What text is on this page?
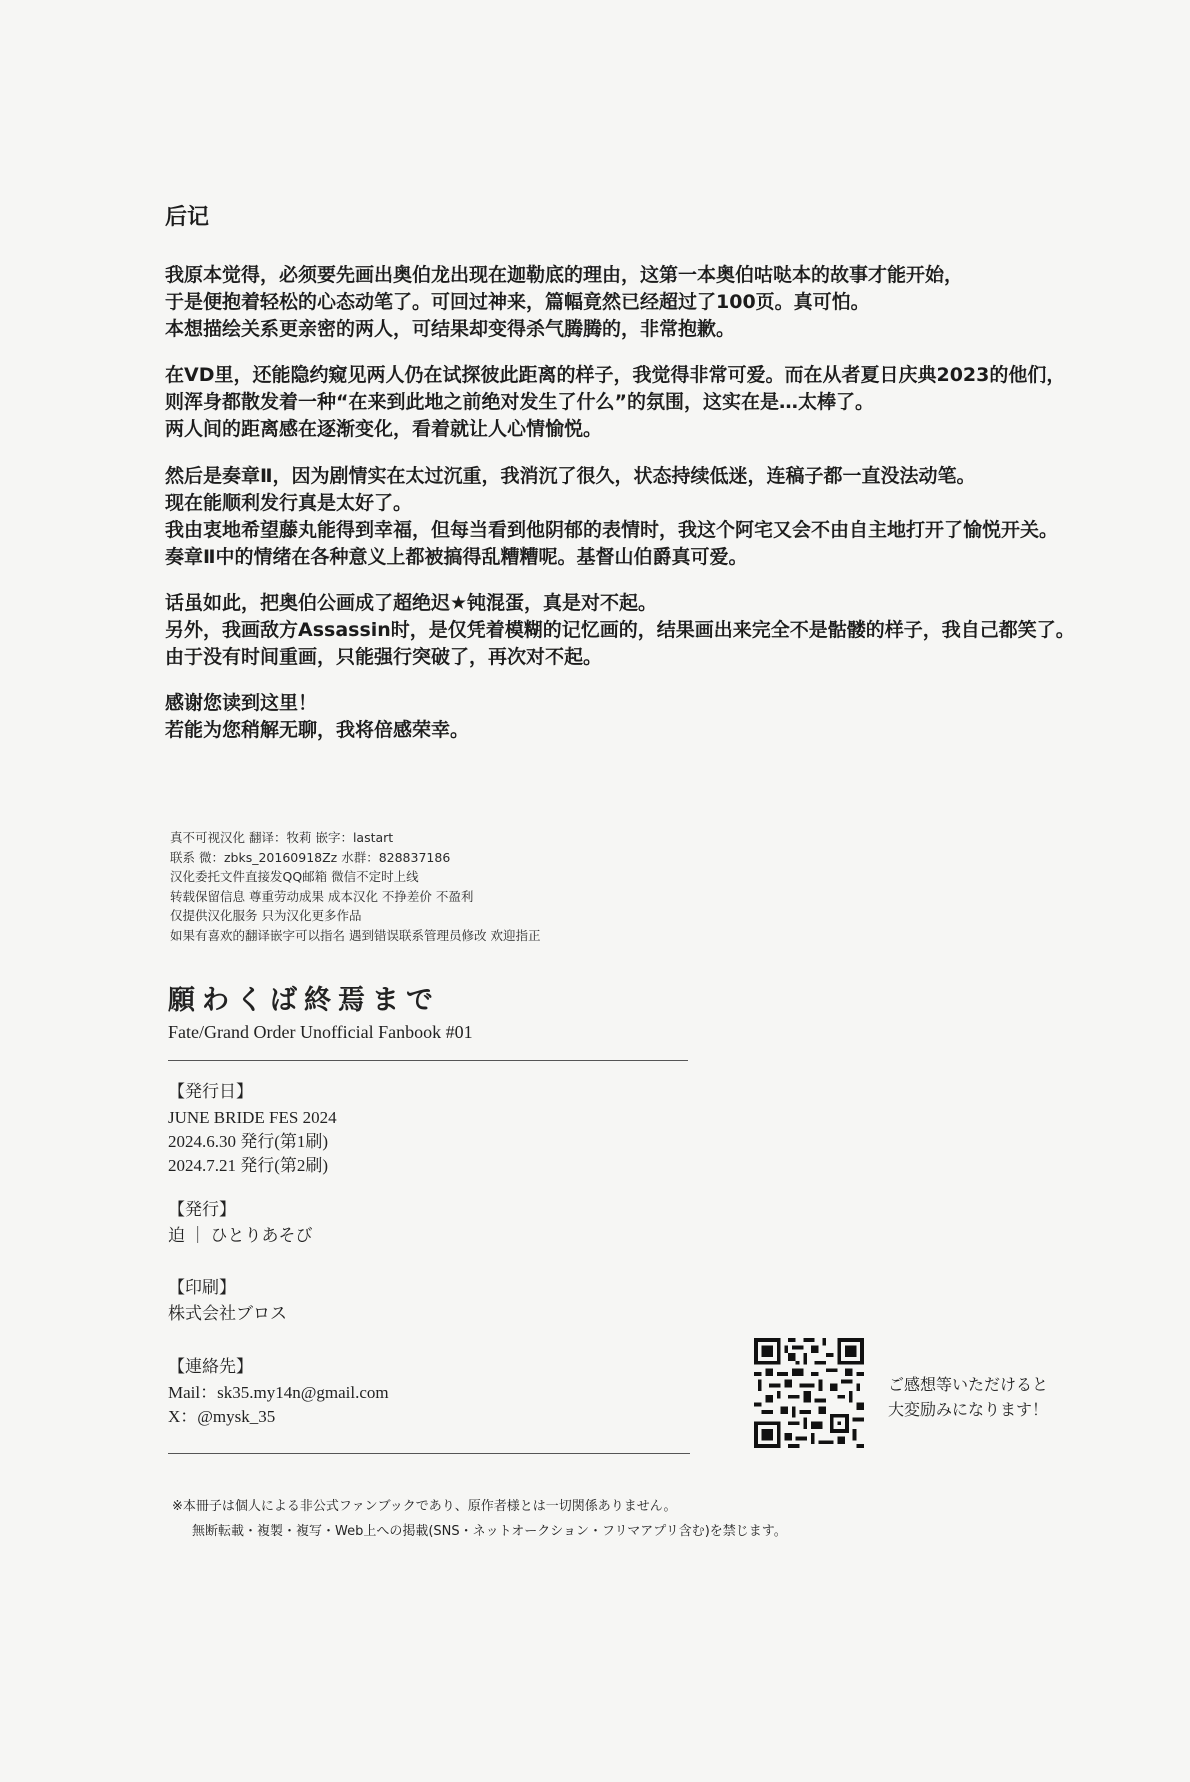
后记

我原本觉得，必须要先画出奥伯龙出现在迦勒底的理由，这第一本奥伯咕哒本的故事才能开始，
于是便抱着轻松的心态动笔了。可回过神来，篇幅竟然已经超过了100页。真可怕。
本想描绘关系更亲密的两人，可结果却变得杀气腾腾的，非常抱歉。

在VD里，还能隐约窥见两人仍在试探彼此距离的样子，我觉得非常可爱。而在从者夏日庆典2023的他们，
则浑身都散发着一种“在来到此地之前绝对发生了什么”的氛围，这实在是…太棒了。
两人间的距离感在逐渐变化，看着就让人心情愉悦。

然后是奏章Ⅱ，因为剧情实在太过沉重，我消沉了很久，状态持续低迷，连稿子都一直没法动笔。
现在能顺利发行真是太好了。
我由衷地希望藤丸能得到幸福，但每当看到他阴郁的表情时，我这个阿宅又会不由自主地打开了愉悦开关。
奏章Ⅱ中的情绪在各种意义上都被搞得乱糟糟呢。基督山伯爵真可爱。

话虽如此，把奥伯公画成了超绝迟★钝混蛋，真是对不起。
另外，我画敌方Assassin时，是仅凭着模糊的记忆画的，结果画出来完全不是骷髅的样子，我自己都笑了。
由于没有时间重画，只能强行突破了，再次对不起。

感谢您读到这里！
若能为您稍解无聊，我将倍感荣幸。

真不可视汉化 翻译：牧莉 嵌字：lastart
联系 微：zbks_20160918Zz 水群：828837186
汉化委托文件直接发QQ邮箱 微信不定时上线
转载保留信息 尊重劳动成果 成本汉化 不挣差价 不盈利
仅提供汉化服务 只为汉化更多作品
如果有喜欢的翻译嵌字可以指名 遇到错误联系管理员修改 欢迎指正
願わくば終焉まで
Fate/Grand Order Unofficial Fanbook #01
【発行日】
JUNE BRIDE FES 2024
2024.6.30 発行(第1刷)
2024.7.21 発行(第2刷)
【発行】
迫 ｜ ひとりあそび
【印刷】
株式会社ブロス
【連絡先】
Mail：sk35.my14n@gmail.com
X：@mysk_35
ご感想等いただけると
大変励みになります！
※本冊子は個人による非公式ファンブックであり、原作者様とは一切関係ありません。
無断転載・複製・複写・Web上への掲載(SNS・ネットオークション・フリマアプリ含む)を禁じます。
